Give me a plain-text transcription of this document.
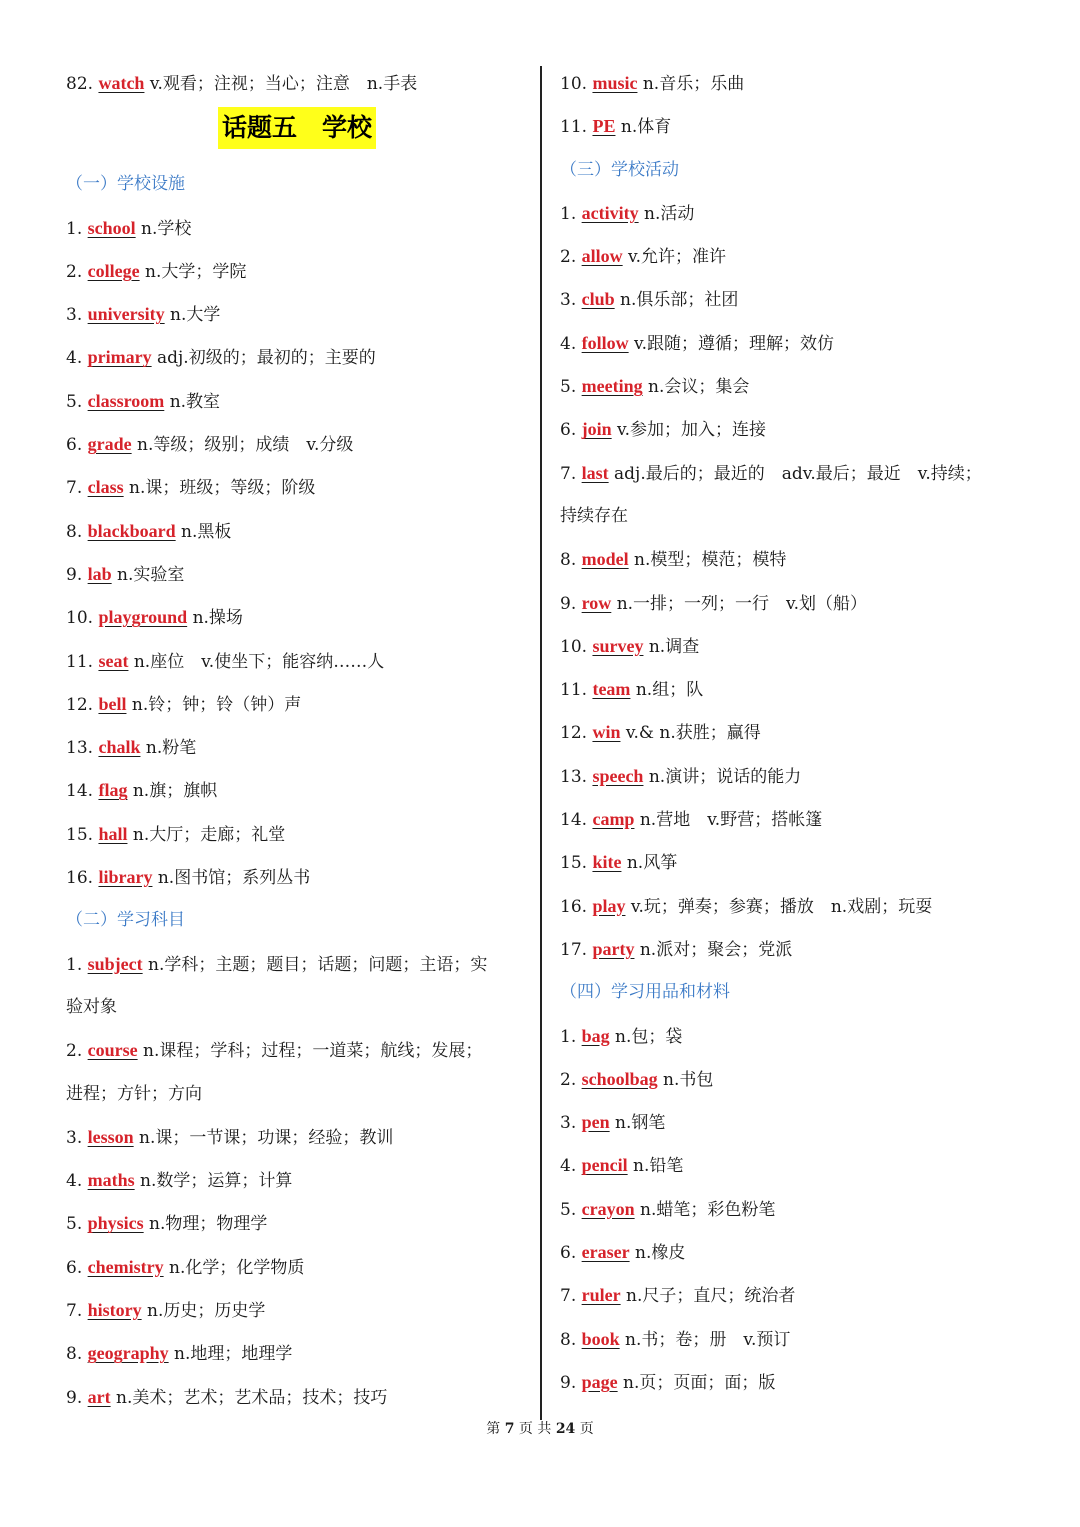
82. watch v.观看；注视；当心；注意　n.手表
话题五　学校
（一）学校设施
1. school n.学校
2. college n.大学；学院
3. university n.大学
4. primary adj.初级的；最初的；主要的
5. classroom n.教室
6. grade n.等级；级别；成绩　v.分级
7. class n.课；班级；等级；阶级
8. blackboard n.黑板
9. lab n.实验室
10. playground n.操场
11. seat n.座位　v.使坐下；能容纳……人
12. bell n.铃；钟；铃（钟）声
13. chalk n.粉笔
14. flag n.旗；旗帜
15. hall n.大厅；走廊；礼堂
16. library n.图书馆；系列丛书
（二）学习科目
1. subject n.学科；主题；题目；话题；问题；主语；实
验对象
2. course n.课程；学科；过程；一道菜；航线；发展；
进程；方针；方向
3. lesson n.课；一节课；功课；经验；教训
4. maths n.数学；运算；计算
5. physics n.物理；物理学
6. chemistry n.化学；化学物质
7. history n.历史；历史学
8. geography n.地理；地理学
9. art n.美术；艺术；艺术品；技术；技巧
10. music n.音乐；乐曲
11. PE n.体育
（三）学校活动
1. activity n.活动
2. allow v.允许；准许
3. club n.俱乐部；社团
4. follow v.跟随；遵循；理解；效仿
5. meeting n.会议；集会
6. join v.参加；加入；连接
7. last adj.最后的；最近的　adv.最后；最近　v.持续；
持续存在
8. model n.模型；模范；模特
9. row n.一排；一列；一行　v.划（船）
10. survey n.调查
11. team n.组；队
12. win v.& n.获胜；赢得
13. speech n.演讲；说话的能力
14. camp n.营地　v.野营；搭帐篷
15. kite n.风筝
16. play v.玩；弹奏；参赛；播放　n.戏剧；玩耍
17. party n.派对；聚会；党派
（四）学习用品和材料
1. bag n.包；袋
2. schoolbag n.书包
3. pen n.钢笔
4. pencil n.铅笔
5. crayon n.蜡笔；彩色粉笔
6. eraser n.橡皮
7. ruler n.尺子；直尺；统治者
8. book n.书；卷；册　v.预订
9. page n.页；页面；面；版
第 7 页 共 24 页
